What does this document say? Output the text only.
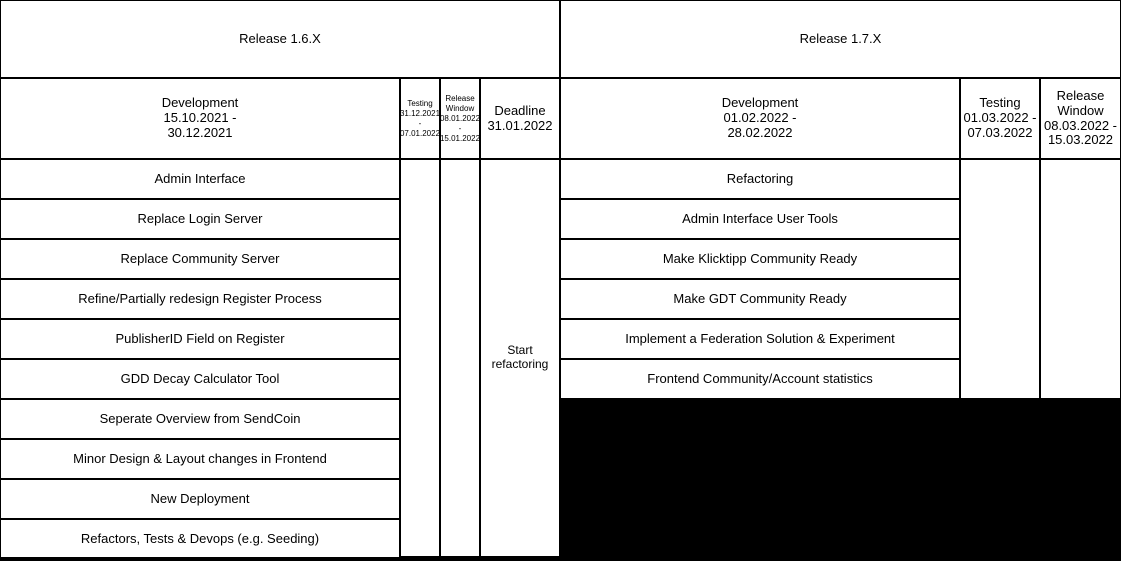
Release 1.6.X	Release 1.7.X
Development
15.10.2021 -
30.12.2021
Testing
31.12.2021
-
07.01.2022
Release
Window
08.01.2022
-
15.01.2022
Deadline
31.01.2022
Development
01.02.2022 -
28.02.2022
Testing
01.03.2022 -
07.03.2022
Release
Window
08.03.2022 -
15.03.2022
Admin Interface
Replace Login Server
Replace Community Server
Refine/Partially redesign Register Process
PublisherID Field on Register
GDD Decay Calculator Tool
Seperate Overview from SendCoin
Minor Design & Layout changes in Frontend
New Deployment
Refactors, Tests & Devops (e.g. Seeding)
Start
refactoring
Refactoring
Admin Interface User Tools
Make Klicktipp Community Ready
Make GDT Community Ready
Implement a Federation Solution & Experiment
Frontend Community/Account statistics
